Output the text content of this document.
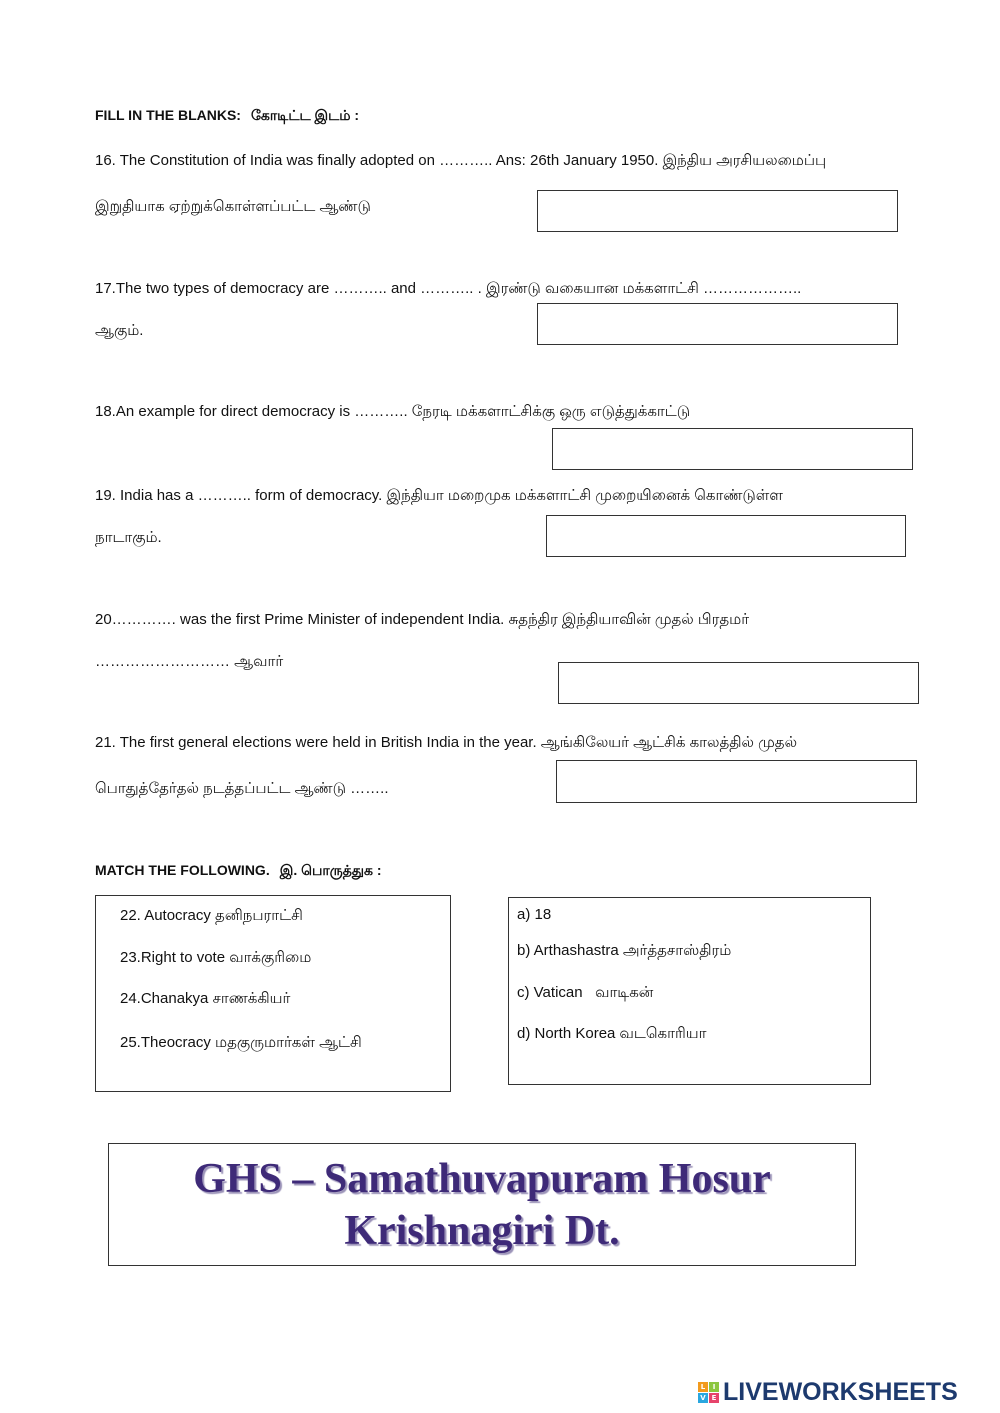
FILL IN THE BLANKS: கோடிட்ட இடம் :
16. The Constitution of India was finally adopted on ……….. Ans: 26th January 1950. இந்திய அரசியலமைப்பு
இறுதியாக ஏற்றுக்கொள்ளப்பட்ட ஆண்டு
17.The two types of democracy are ……….. and ……….. . இரண்டு வகையான மக்களாட்சி ………………..
ஆகும்.
18.An example for direct democracy is ……….. நேரடி மக்களாட்சிக்கு ஒரு எடுத்துக்காட்டு
19. India has a ……….. form of democracy. இந்தியா மறைமுக மக்களாட்சி முறையினைக் கொண்டுள்ள
நாடாகும்.
20…………. was the first Prime Minister of independent India. சுதந்திர இந்தியாவின் முதல் பிரதமர்
……………………… ஆவார்
21. The first general elections were held in British India in the year. ஆங்கிலேயர் ஆட்சிக் காலத்தில் முதல்
பொதுத்தேர்தல் நடத்தப்பட்ட ஆண்டு ……..
MATCH THE FOLLOWING. இ. பொருத்துக :
22. Autocracy தனிநபராட்சி
23.Right to vote வாக்குரிமை
24.Chanakya சாணக்கியர்
25.Theocracy மதகுருமார்கள் ஆட்சி
a) 18
b) Arthashastra அர்த்தசாஸ்திரம்
c) Vatican   வாடிகன்
d) North Korea வடகொரியா
GHS – Samathuvapuram Hosur
Krishnagiri Dt.
L	I
V E LIVEWORKSHEETS
